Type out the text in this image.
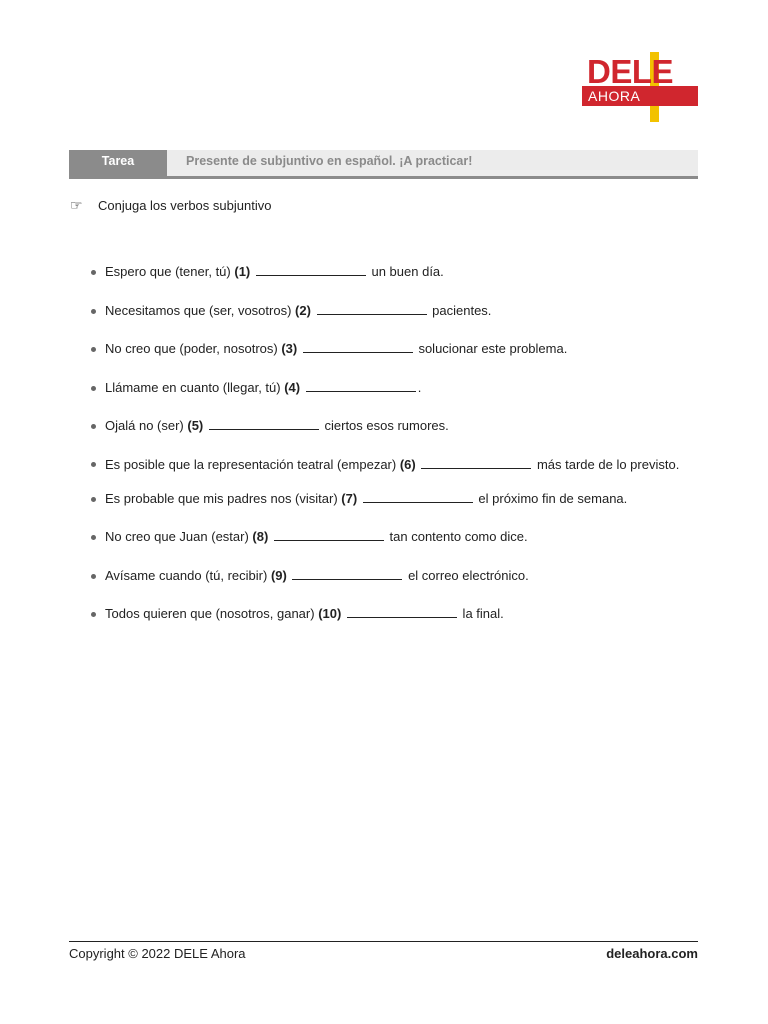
DELE
AHORA
Tarea	Presente de subjuntivo en español. ¡A practicar!
☞ Conjuga los verbos subjuntivo
Espero que (tener, tú) (1)	un buen día.
Necesitamos que (ser, vosotros) (2)	pacientes.
No creo que (poder, nosotros) (3)	solucionar este problema.
Llámame en cuanto (llegar, tú) (4)	.
Ojalá no (ser) (5)	ciertos esos rumores.
Es posible que la representación teatral (empezar) (6)	más tarde de lo previsto.
Es probable que mis padres nos (visitar) (7)	el próximo fin de semana.
No creo que Juan (estar) (8)	tan contento como dice.
Avísame cuando (tú, recibir) (9)	el correo electrónico.
Todos quieren que (nosotros, ganar) (10)	la final.
Copyright © 2022 DELE Ahora	deleahora.com
